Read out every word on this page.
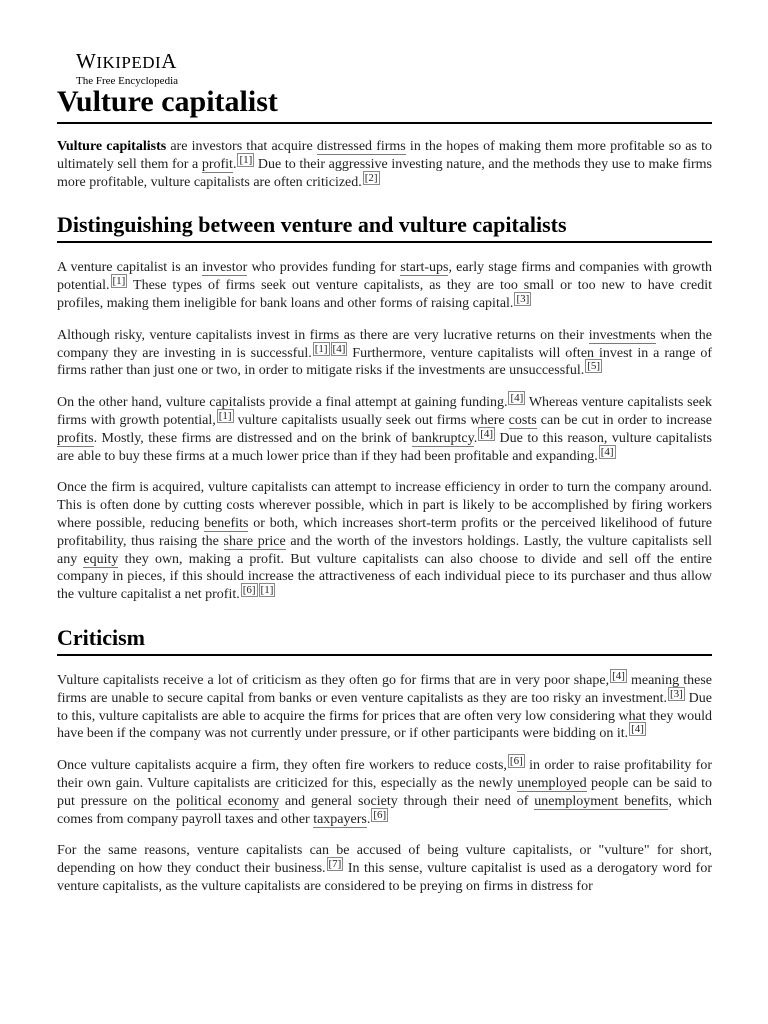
WIKIPEDIA
The Free Encyclopedia
Vulture capitalist

Vulture capitalists are investors that acquire distressed firms in the hopes of making them more profitable so as to ultimately sell them for a profit. [1] Due to their aggressive investing nature, and the methods they use to make firms more profitable, vulture capitalists are often criticized. [2]

Distinguishing between venture and vulture capitalists

A venture capitalist is an investor who provides funding for start-ups, early stage firms and companies with growth potential. [1] These types of firms seek out venture capitalists, as they are too small or too new to have credit profiles, making them ineligible for bank loans and other forms of raising capital. [3]

Although risky, venture capitalists invest in firms as there are very lucrative returns on their investments when the company they are investing in is successful. [1] [4] Furthermore, venture capitalists will often invest in a range of firms rather than just one or two, in order to mitigate risks if the investments are unsuccessful. [5]

On the other hand, vulture capitalists provide a final attempt at gaining funding. [4] Whereas venture capitalists seek firms with growth potential, [1] vulture capitalists usually seek out firms where costs can be cut in order to increase profits. Mostly, these firms are distressed and on the brink of bankruptcy. [4] Due to this reason, vulture capitalists are able to buy these firms at a much lower price than if they had been profitable and expanding. [4]

Once the firm is acquired, vulture capitalists can attempt to increase efficiency in order to turn the company around. This is often done by cutting costs wherever possible, which in part is likely to be accomplished by firing workers where possible, reducing benefits or both, which increases short-term profits or the perceived likelihood of future profitability, thus raising the share price and the worth of the investors holdings. Lastly, the vulture capitalists sell any equity they own, making a profit. But vulture capitalists can also choose to divide and sell off the entire company in pieces, if this should increase the attractiveness of each individual piece to its purchaser and thus allow the vulture capitalist a net profit. [6] [1]

Criticism

Vulture capitalists receive a lot of criticism as they often go for firms that are in very poor shape, [4] meaning these firms are unable to secure capital from banks or even venture capitalists as they are too risky an investment. [3] Due to this, vulture capitalists are able to acquire the firms for prices that are often very low considering what they would have been if the company was not currently under pressure, or if other participants were bidding on it. [4]

Once vulture capitalists acquire a firm, they often fire workers to reduce costs, [6] in order to raise profitability for their own gain. Vulture capitalists are criticized for this, especially as the newly unemployed people can be said to put pressure on the political economy and general society through their need of unemployment benefits, which comes from company payroll taxes and other taxpayers. [6]

For the same reasons, venture capitalists can be accused of being vulture capitalists, or "vulture" for short, depending on how they conduct their business. [7] In this sense, vulture capitalist is used as a derogatory word for venture capitalists, as the vulture capitalists are considered to be preying on firms in distress for
